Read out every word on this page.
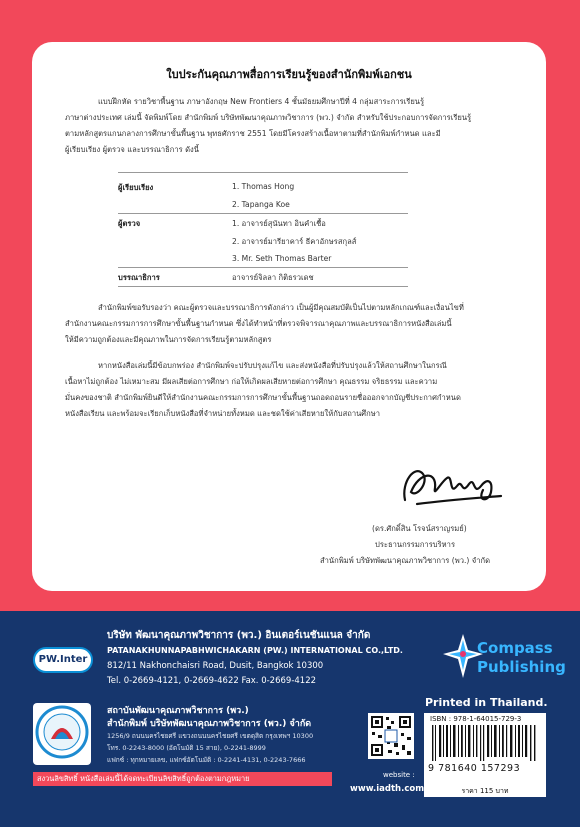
ใบประกันคุณภาพสื่อการเรียนรู้ของสำนักพิมพ์เอกชน
แบบฝึกหัด รายวิชาพื้นฐาน ภาษาอังกฤษ New Frontiers 4 ชั้นมัธยมศึกษาปีที่ 4 กลุ่มสาระการเรียนรู้
ภาษาต่างประเทศ เล่มนี้ จัดพิมพ์โดย สำนักพิมพ์ บริษัทพัฒนาคุณภาพวิชาการ (พว.) จำกัด สำหรับใช้ประกอบการจัดการเรียนรู้
ตามหลักสูตรแกนกลางการศึกษาขั้นพื้นฐาน พุทธศักราช 2551 โดยมีโครงสร้างเนื้อหาตามที่สำนักพิมพ์กำหนด และมี
ผู้เรียบเรียง ผู้ตรวจ และบรรณาธิการ ดังนี้
ผู้เรียบเรียง	1. Thomas Hong
2. Tapanga Koe
ผู้ตรวจ	1. อาจารย์สุนันทา อินคำเชื้อ
2. อาจารย์มารียาคาร์ ธีคาอักษรสกุลส์
3. Mr. Seth Thomas Barter
บรรณาธิการ	อาจารย์จิลลา กิติธรวเดช
สำนักพิมพ์ขอรับรองว่า คณะผู้ตรวจและบรรณาธิการดังกล่าว เป็นผู้มีคุณสมบัติเป็นไปตามหลักเกณฑ์และเงื่อนไขที่
สำนักงานคณะกรรมการการศึกษาขั้นพื้นฐานกำหนด ซึ่งได้ทำหน้าที่ตรวจพิจารณาคุณภาพและบรรณาธิการหนังสือเล่มนี้
ให้มีความถูกต้องและมีคุณภาพในการจัดการเรียนรู้ตามหลักสูตร
หากหนังสือเล่มนี้มีข้อบกพร่อง สำนักพิมพ์จะปรับปรุงแก้ไข และส่งหนังสือที่ปรับปรุงแล้วให้สถานศึกษาในกรณี
เนื้อหาไม่ถูกต้อง ไม่เหมาะสม มีผลเสียต่อการศึกษา ก่อให้เกิดผลเสียหายต่อการศึกษา คุณธรรม จริยธรรม และความ
มั่นคงของชาติ สำนักพิมพ์ยินดีให้สำนักงานคณะกรรมการการศึกษาขั้นพื้นฐานถอดถอนรายชื่อออกจากบัญชีประกาศกำหนด
หนังสือเรียน และพร้อมจะเรียกเก็บหนังสือที่จำหน่ายทั้งหมด และชดใช้ค่าเสียหายให้กับสถานศึกษา
(ดร.ศักดิ์สิน โรจน์สราญรมย์)
ประธานกรรมการบริหาร
สำนักพิมพ์ บริษัทพัฒนาคุณภาพวิชาการ (พว.) จำกัด
PW.Inter
บริษัท พัฒนาคุณภาพวิชาการ (พว.) อินเตอร์เนชันแนล จำกัด
PATANAKHUNNAPABHWICHAKARN (PW.) INTERNATIONAL CO.,LTD.
812/11 Nakhonchaisri Road, Dusit, Bangkok 10300
Tel. 0-2669-4121, 0-2669-4622 Fax. 0-2669-4122
Compass
Publishing
Printed in Thailand.
สถาบันพัฒนาคุณภาพวิชาการ (พว.)
สำนักพิมพ์ บริษัทพัฒนาคุณภาพวิชาการ (พว.) จำกัด
1256/9 ถนนนครไชยศรี แขวงถนนนครไชยศรี เขตดุสิต กรุงเทพฯ 10300
โทร. 0-2243-8000 (อัตโนมัติ 15 สาย), 0-2241-8999
แฟกซ์ : ทุกหมายเลข, แฟกซ์อัตโนมัติ : 0-2241-4131, 0-2243-7666
website :
www.iadth.com
ISBN : 978-1-64015-729-3
9 781640 157293
ราคา 115 บาท
สงวนลิขสิทธิ์ หนังสือเล่มนี้ได้จดทะเบียนลิขสิทธิ์ถูกต้องตามกฎหมาย
